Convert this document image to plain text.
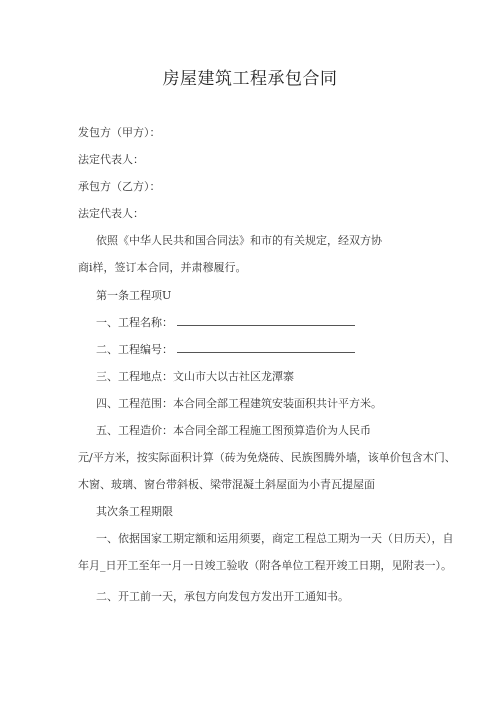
房屋建筑工程承包合同
发包方（甲方）：
法定代表人：
承包方（乙方）：
法定代表人：
依照《中华人民共和国合同法》和市的有关规定，经双方协
商i样，签订本合同，并肃穆履行。
第一条工程项U
一、工程名称：
二、工程编号：
三、工程地点：文山市大以古社区龙潭寨
四、工程范围：本合同全部工程建筑安装面积共计平方米。
五、工程造价：本合同全部工程施工图预算造价为人民币
元/平方米，按实际面积计算（砖为免烧砖、民族图腾外墙，该单价包含木门、
木窗、玻璃、窗台带斜板、梁带混凝土斜屋面为小青瓦提屋面
其次条工程期限
一、依据国家工期定额和运用须要，商定工程总工期为一天（日历天），自
年月_日开工至年一月一日竣工验收（附各单位工程开竣工日期，见附表一）。
二、开工前一天，承包方向发包方发出开工通知书。
